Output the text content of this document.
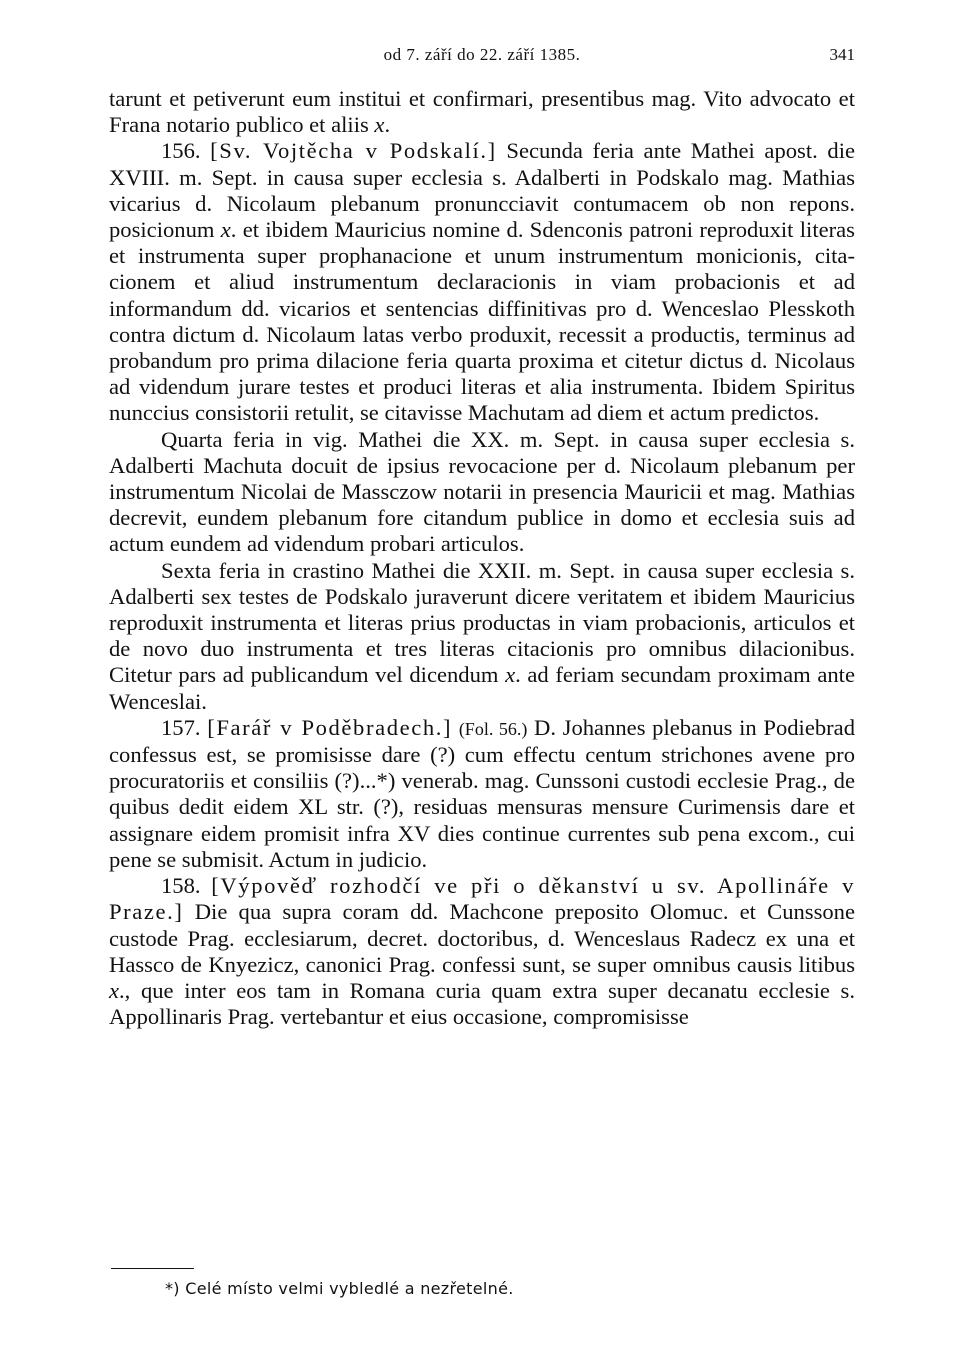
od 7. září do 22. září 1385.	341

tarunt et petiverunt eum institui et confirmari, presentibus mag. Vito advocato et Frana notario publico et aliis x.

156. [Sv. Vojtěcha v Podskalí.] Secunda feria ante Mathei apost. die XVIII. m. Sept. in causa super ecclesia s. Adalberti in Podskalo mag. Mathias vicarius d. Nicolaum plebanum pronuncciavit contumacem ob non repons. posicionum x. et ibidem Mauricius nomine d. Sdenconis patroni reproduxit literas et instrumenta super prophanacione et unum instrumentum monicionis, citacionem et aliud instrumentum declaracionis in viam probacionis et ad informandum dd. vicarios et sentencias diffinitivas pro d. Wenceslao Plesskoth contra dictum d. Nicolaum latas verbo produxit, recessit a productis, terminus ad probandum pro prima dilacione feria quarta proxima et citetur dictus d. Nicolaus ad videndum jurare testes et produci literas et alia instrumenta. Ibidem Spiritus nunccius consistorii retulit, se citavisse Machutam ad diem et actum predictos.

Quarta feria in vig. Mathei die XX. m. Sept. in causa super ecclesia s. Adalberti Machuta docuit de ipsius revocacione per d. Nicolaum plebanum per instrumentum Nicolai de Massczow notarii in presencia Mauricii et mag. Mathias decrevit, eundem plebanum fore citandum publice in domo et ecclesia suis ad actum eundem ad videndum probari articulos.

Sexta feria in crastino Mathei die XXII. m. Sept. in causa super ecclesia s. Adalberti sex testes de Podskalo juraverunt dicere veritatem et ibidem Mauricius reproduxit instrumenta et literas prius productas in viam probacionis, articulos et de novo duo instrumenta et tres literas citacionis pro omnibus dilacionibus. Citetur pars ad publicandum vel dicendum x. ad feriam secundam proximam ante Wenceslai.

157. [Farář v Poděbradech.] (Fol. 56.) D. Johannes plebanus in Podiebrad confessus est, se promisisse dare (?) cum effectu centum strichones avene pro procuratoriis et consiliis (?)...*) venerab. mag. Cunssoni custodi ecclesie Prag., de quibus dedit eidem XL str. (?), residuas mensuras mensure Curimensis dare et assignare eidem promisit infra XV dies continue currentes sub pena excom., cui pene se submisit. Actum in judicio.

158. [Výpověď rozhodčí ve při o děkanství u sv. Apollináře v Praze.] Die qua supra coram dd. Machcone preposito Olomuc. et Cunssone custode Prag. ecclesiarum, decret. doctoribus, d. Wenceslaus Radecz ex una et Hassco de Knyezicz, canonici Prag. confessi sunt, se super omnibus causis litibus x., que inter eos tam in Romana curia quam extra super decanatu ecclesie s. Appollinaris Prag. vertebantur et eius occasione, compromisisse

*) Celé místo velmi vybledlé a nezřetelné.
